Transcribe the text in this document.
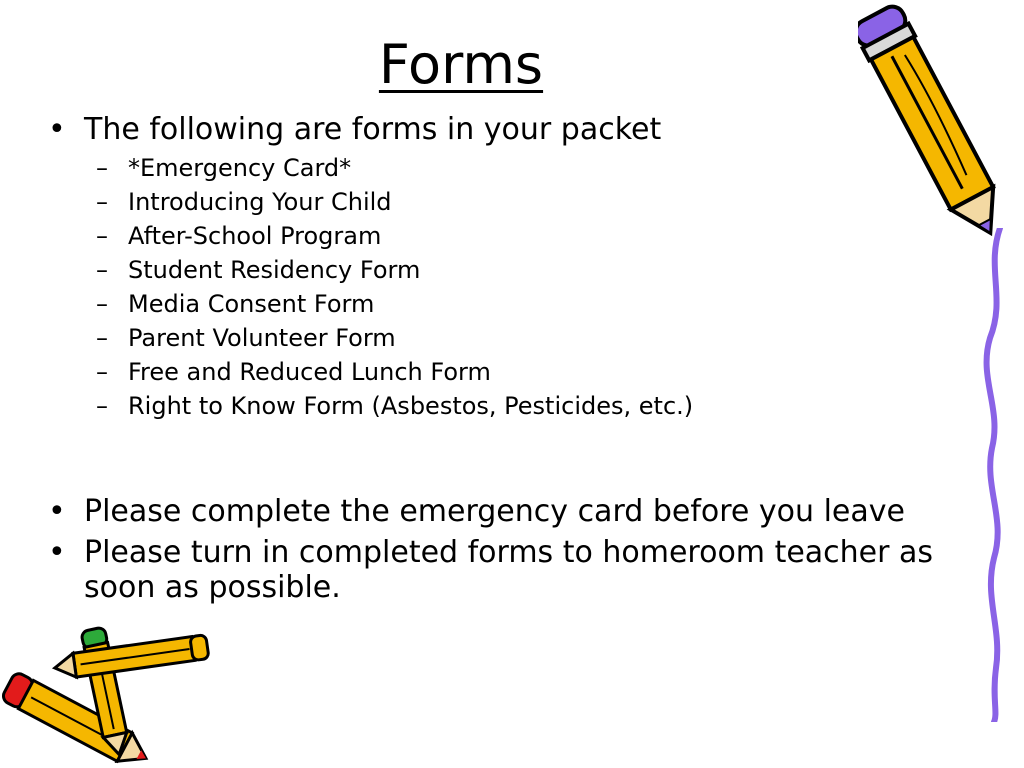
Forms
• The following are forms in your packet
– *Emergency Card*
– Introducing Your Child
– After-School Program
– Student Residency Form
– Media Consent Form
– Parent Volunteer Form
– Free and Reduced Lunch Form
– Right to Know Form (Asbestos, Pesticides, etc.)
• Please complete the emergency card before you leave
• Please turn in completed forms to homeroom teacher as soon as possible.
